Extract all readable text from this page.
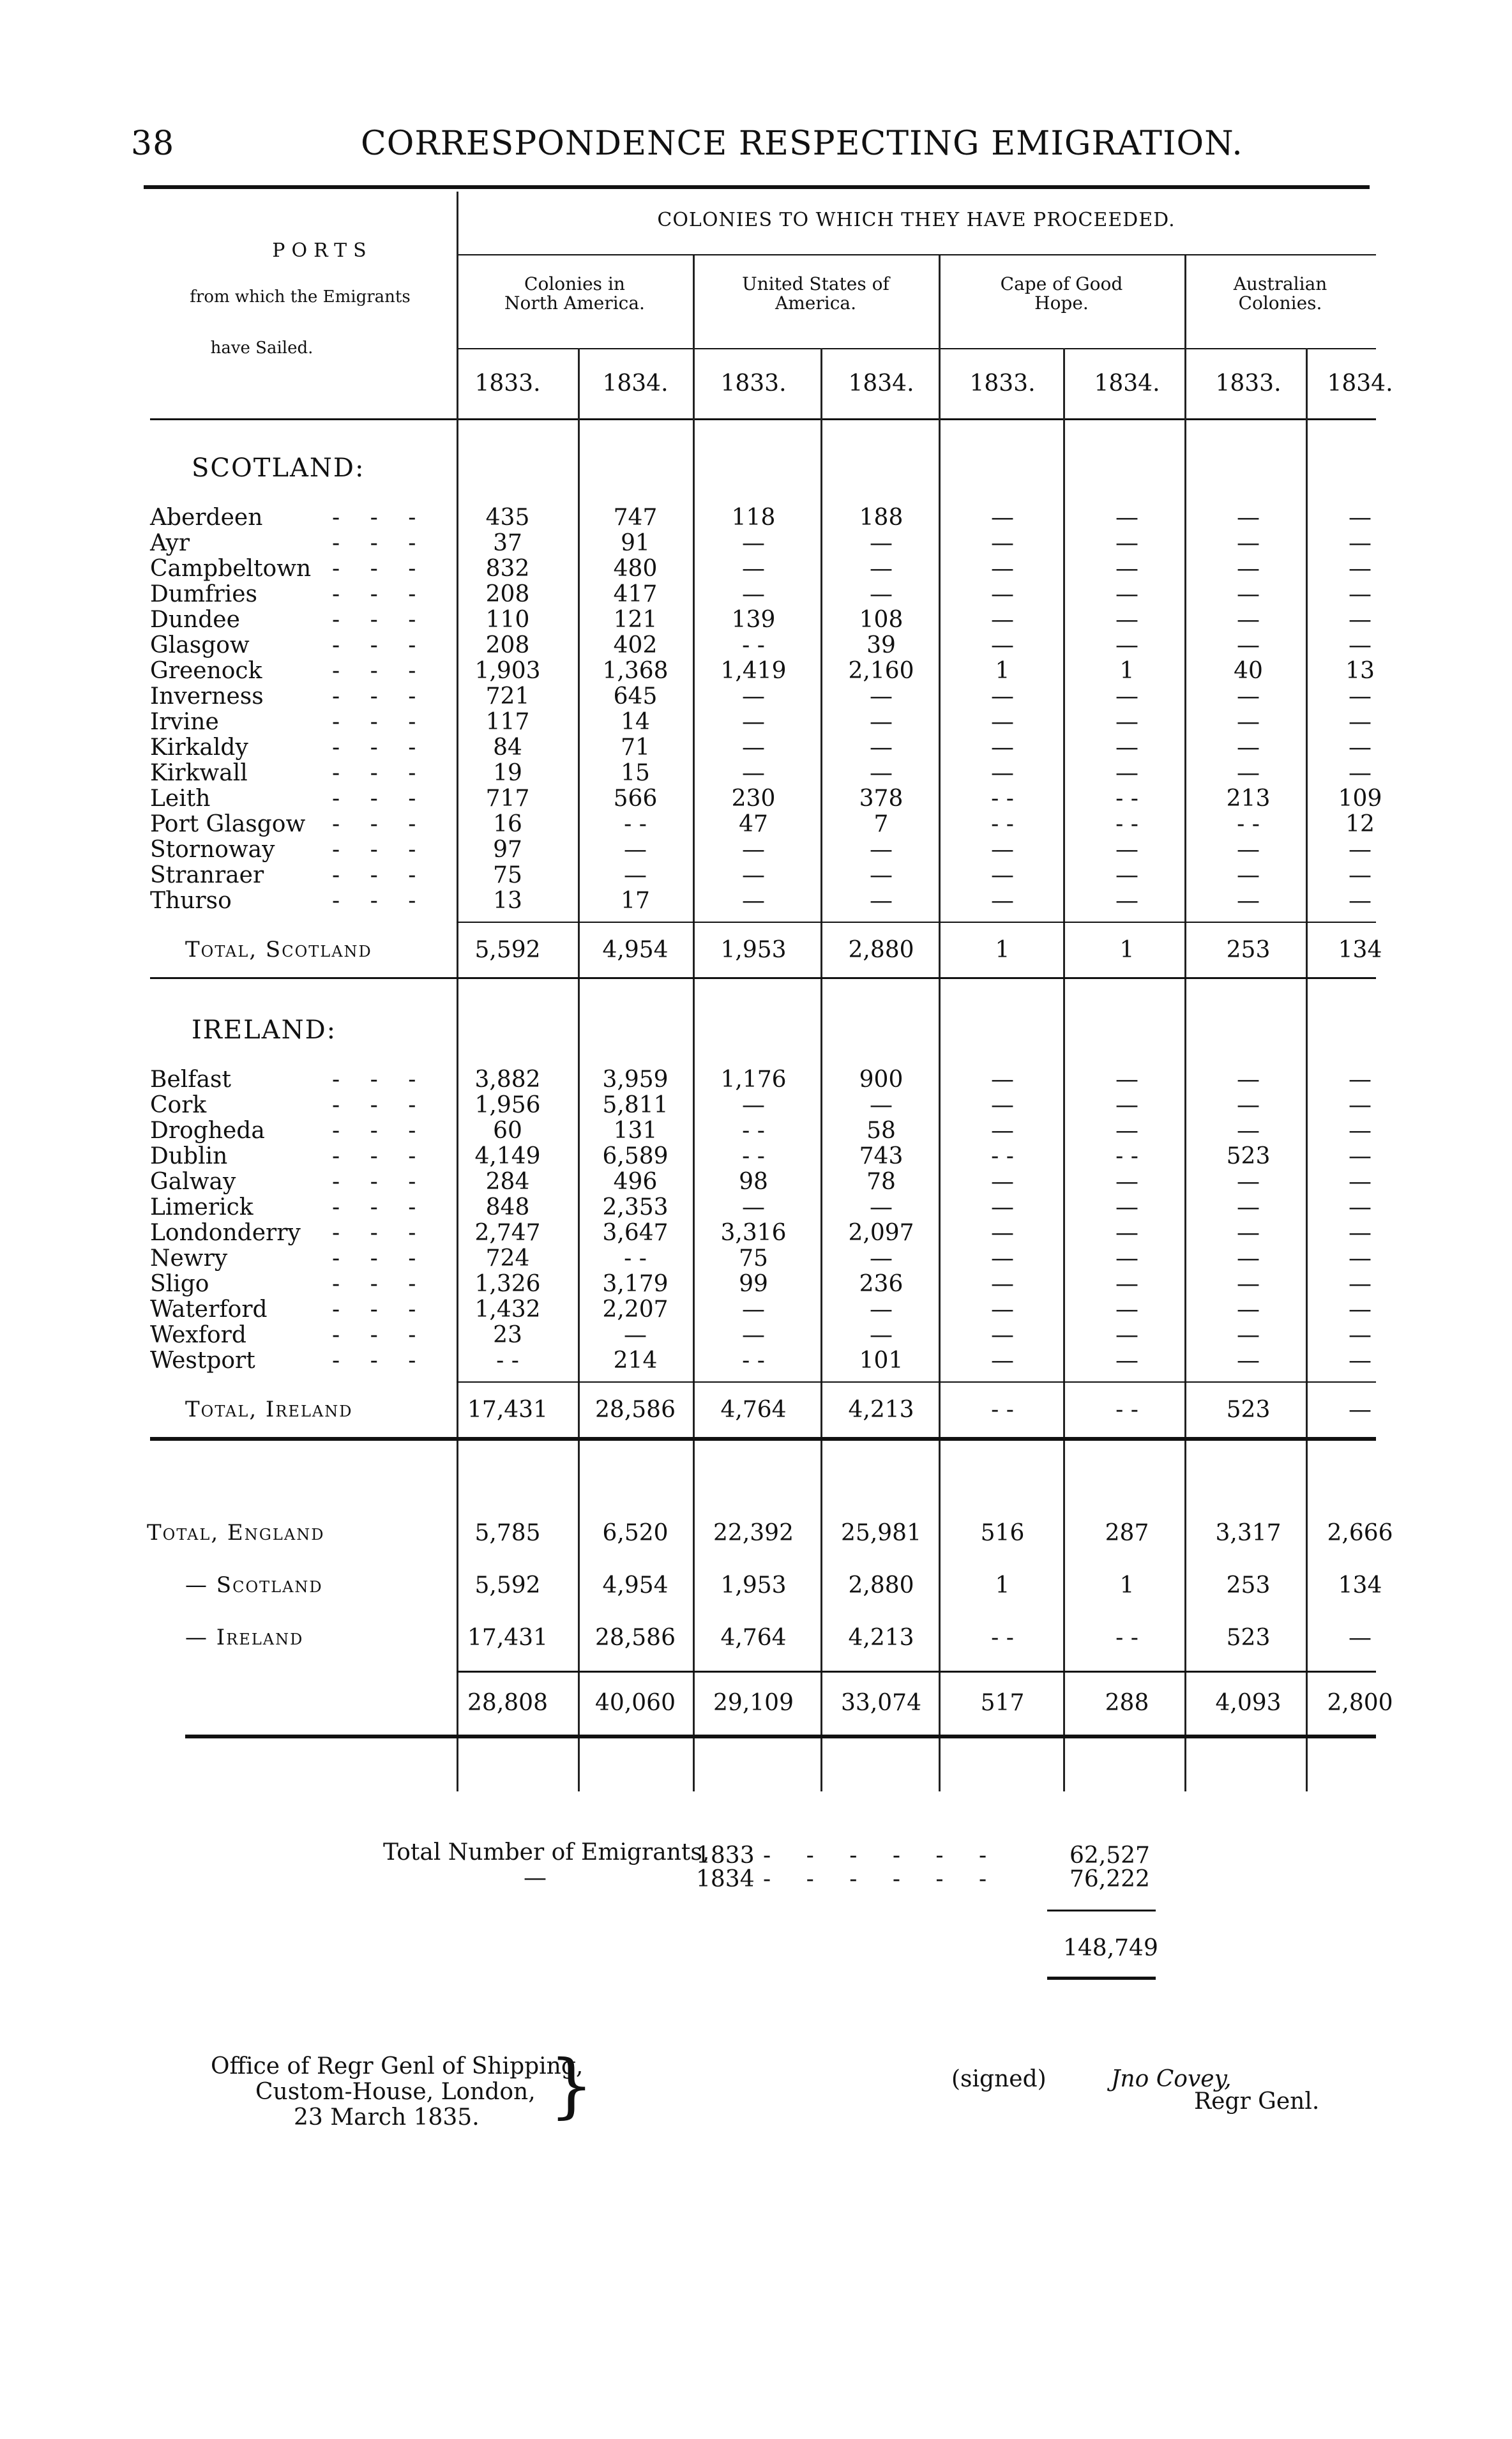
38	CORRESPONDENCE RESPECTING EMIGRATION.
PORTS
from which the Emigrants
have Sailed.
COLONIES TO WHICH THEY HAVE PROCEEDED.
Colonies in North America.
United States of America.
Cape of Good Hope.
Australian Colonies.
1833.	1834.	1833.	1834.	1833.	1834.	1833.	1834.
SCOTLAND:
Aberdeen	- - -	435	747	118	188	—	—	—	—
Ayr	- - -	37	91	—	—	—	—	—	—
Campbeltown - - -	832	480	—	—	—	—	—	—
Dumfries	- - -	208	417	—	—	—	—	—	—
Dundee	- - -	110	121	139	108	—	—	—	—
Glasgow	- - -	208	402	- -	39	—	—	—	—
Greenock	- - -	1,903	1,368	1,419	2,160	1	1	40	13
Inverness	- - -	721	645	—	—	—	—	—	—
Irvine	- - -	117	14	—	—	—	—	—	—
Kirkaldy	- - -	84	71	—	—	—	—	—	—
Kirkwall	- - -	19	15	—	—	—	—	—	—
Leith	- - -	717	566	230	378	- -	- -	213	109
Port Glasgow - - -	16	- -	47	7	- -	- -	- -	12
Stornoway - - -	97	—	—	—	—	—	—	—
Stranraer	- - -	75	—	—	—	—	—	—	—
Thurso	- - -	13	17	—	—	—	—	—	—
Total, Scotland	5,592	4,954	1,953	2,880	1	1	253	134
IRELAND:
Belfast	- - -	3,882	3,959	1,176	900	—	—	—	—
Cork	- - -	1,956	5,811	—	—	—	—	—	—
Drogheda	- - -	60	131	- -	58	—	—	—	—
Dublin	- - -	4,149	6,589	- -	743	- -	- -	523	—
Galway	- - -	284	496	98	78	—	—	—	—
Limerick	- - -	848	2,353	—	—	—	—	—	—
Londonderry - - -	2,747	3,647	3,316	2,097	—	—	—	—
Newry	- - -	724	- -	75	—	—	—	—	—
Sligo	- - -	1,326	3,179	99	236	—	—	—	—
Waterford	- - -	1,432	2,207	—	—	—	—	—	—
Wexford	- - -	23	—	—	—	—	—	—	—
Westport	- - -	- -	214	- -	101	—	—	—	—
Total, Ireland	17,431	28,586	4,764	4,213	- -	- -	523	—
Total, England	5,785	6,520	22,392	25,981	516	287	3,317	2,666
— Scotland	5,592	4,954	1,953	2,880	1	1	253	134
— Ireland	17,431	28,586	4,764	4,213	- -	- -	523	—
28,808	40,060	29,109	33,074	517	288	4,093	2,800
Total Number of Emigrants,
1833 - - - - - -	62,527
—	1834 - - - - - -	76,222
148,749
Office of Regr Genl of Shipping,
Custom-House, London,
23 March 1835. }	(signed)	Jno Covey,
Regr Genl.
